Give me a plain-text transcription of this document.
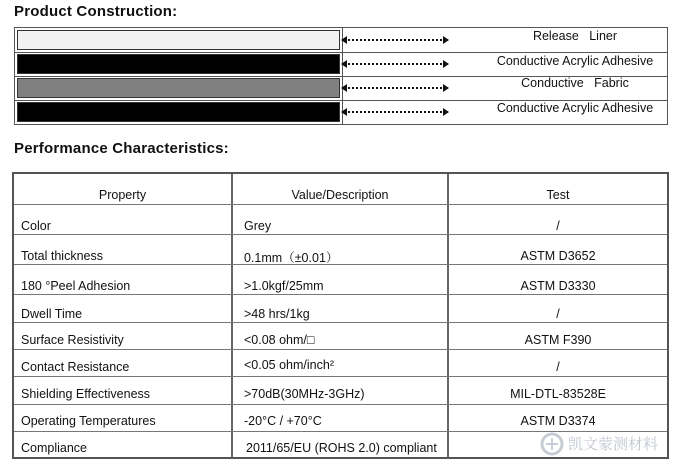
Product Construction:
Release   Liner
Conductive Acrylic Adhesive
Conductive   Fabric
Conductive Acrylic Adhesive
Performance Characteristics:
Property	Value/Description	Test
Color	Grey	/
Total thickness	0.1mm（±0.01）	ASTM D3652
180 °Peel Adhesion	>1.0kgf/25mm	ASTM D3330
Dwell Time	>48 hrs/1kg	/
Surface Resistivity	<0.08 ohm/□	ASTM F390
Contact Resistance	<0.05 ohm/inch²	/
Shielding Effectiveness	>70dB(30MHz-3GHz)	MIL-DTL-83528E
Operating Temperatures	-20°C / +70°C	ASTM D3374
Compliance	2011/65/EU (ROHS 2.0) compliant	凯文蒙测材料
